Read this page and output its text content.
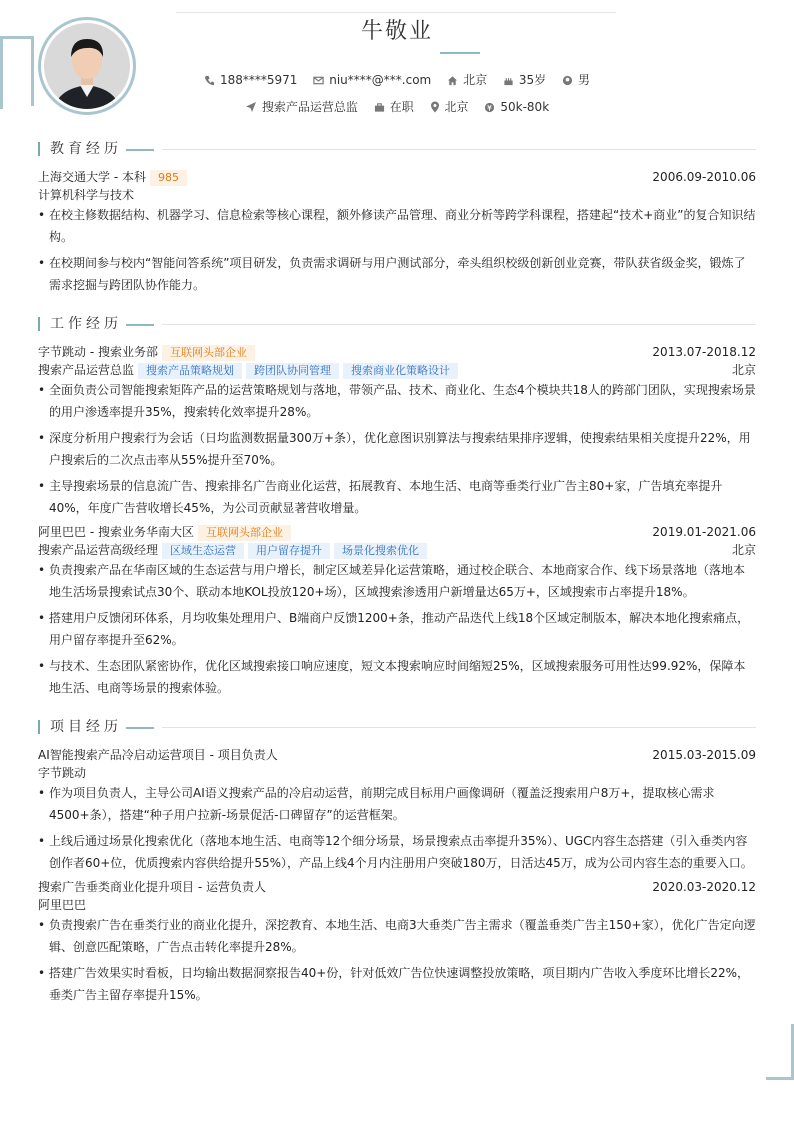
牛敬业
188****5971	niu****@***.com	北京	35岁	男
搜索产品运营总监	在职	北京	50k-80k
教育经历
上海交通大学 - 本科 985	2006.09-2010.06
计算机科学与技术
• 在校主修数据结构、机器学习、信息检索等核心课程，额外修读产品管理、商业分析等跨学科课程，搭建起“技术+商业”的复合知识结构。
• 在校期间参与校内“智能问答系统”项目研发，负责需求调研与用户测试部分，牵头组织校级创新创业竞赛，带队获省级金奖，锻炼了需求挖掘与跨团队协作能力。
工作经历
字节跳动 - 搜索业务部 互联网头部企业	2013.07-2018.12
搜索产品运营总监 搜索产品策略规划 跨团队协同管理 搜索商业化策略设计	北京
• 全面负责公司智能搜索矩阵产品的运营策略规划与落地，带领产品、技术、商业化、生态4个模块共18人的跨部门团队，实现搜索场景的用户渗透率提升35%，搜索转化效率提升28%。
• 深度分析用户搜索行为会话（日均监测数据量300万+条），优化意图识别算法与搜索结果排序逻辑，使搜索结果相关度提升22%，用户搜索后的二次点击率从55%提升至70%。
• 主导搜索场景的信息流广告、搜索排名广告商业化运营，拓展教育、本地生活、电商等垂类行业广告主80+家，广告填充率提升40%，年度广告营收增长45%，为公司贡献显著营收增量。
阿里巴巴 - 搜索业务华南大区 互联网头部企业	2019.01-2021.06
搜索产品运营高级经理 区域生态运营 用户留存提升 场景化搜索优化	北京
• 负责搜索产品在华南区域的生态运营与用户增长，制定区域差异化运营策略，通过校企联合、本地商家合作、线下场景落地（落地本地生活场景搜索试点30个、联动本地KOL投放120+场），区域搜索渗透用户新增量达65万+，区域搜索市占率提升18%。
• 搭建用户反馈闭环体系，月均收集处理用户、B端商户反馈1200+条，推动产品迭代上线18个区域定制版本，解决本地化搜索痛点，用户留存率提升至62%。
• 与技术、生态团队紧密协作，优化区域搜索接口响应速度，短文本搜索响应时间缩短25%，区域搜索服务可用性达99.92%，保障本地生活、电商等场景的搜索体验。
项目经历
AI智能搜索产品冷启动运营项目 - 项目负责人	2015.03-2015.09
字节跳动
• 作为项目负责人，主导公司AI语义搜索产品的冷启动运营，前期完成目标用户画像调研（覆盖泛搜索用户8万+，提取核心需求4500+条），搭建“种子用户拉新-场景促活-口碑留存”的运营框架。
• 上线后通过场景化搜索优化（落地本地生活、电商等12个细分场景，场景搜索点击率提升35%）、UGC内容生态搭建（引入垂类内容创作者60+位，优质搜索内容供给提升55%），产品上线4个月内注册用户突破180万，日活达45万，成为公司内容生态的重要入口。
搜索广告垂类商业化提升项目 - 运营负责人	2020.03-2020.12
阿里巴巴
• 负责搜索广告在垂类行业的商业化提升，深挖教育、本地生活、电商3大垂类广告主需求（覆盖垂类广告主150+家），优化广告定向逻辑、创意匹配策略，广告点击转化率提升28%。
• 搭建广告效果实时看板，日均输出数据洞察报告40+份，针对低效广告位快速调整投放策略，项目期内广告收入季度环比增长22%，垂类广告主留存率提升15%。
